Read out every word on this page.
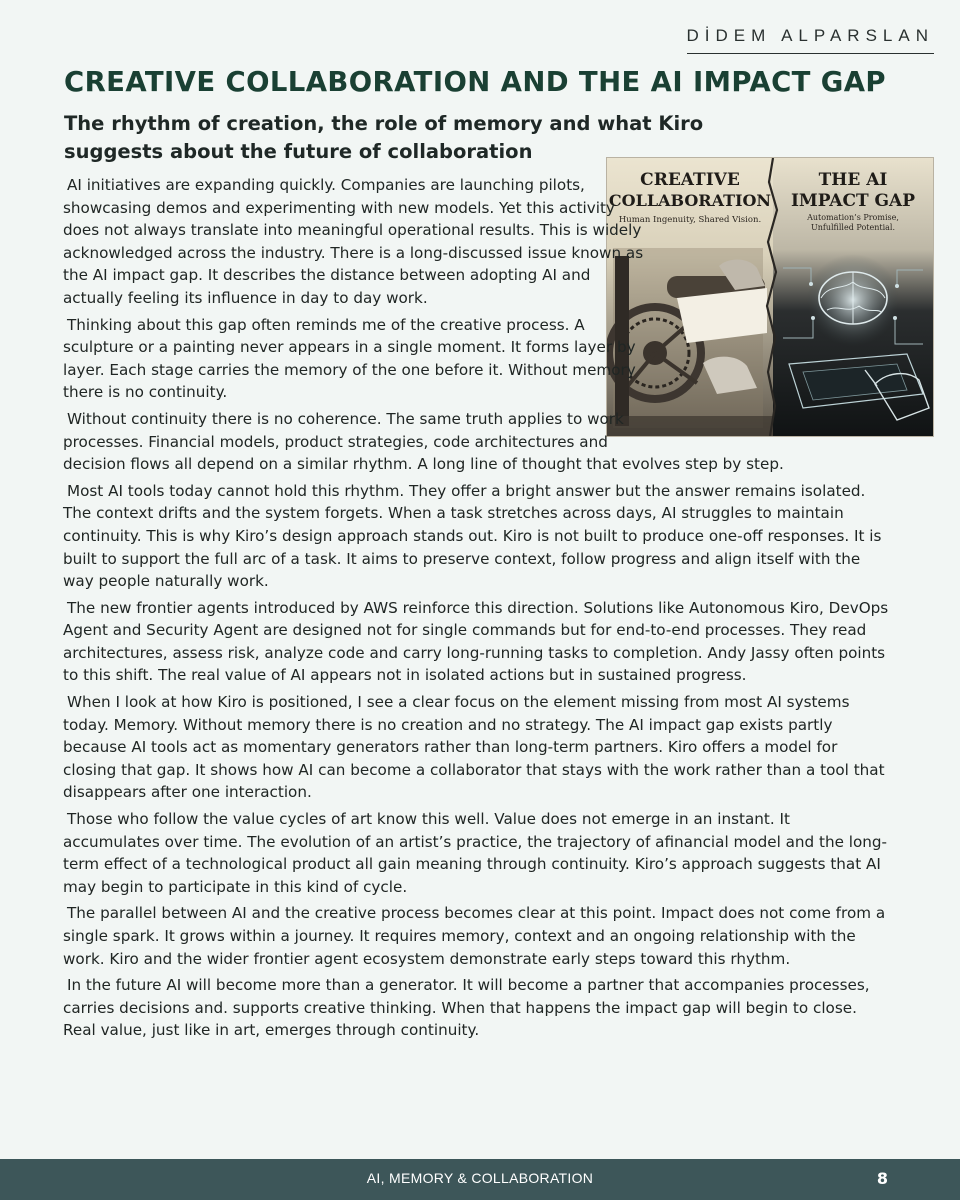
DİDEM ALPARSLAN
CREATIVE COLLABORATION AND THE AI IMPACT GAP
The rhythm of creation, the role of memory and what Kiro suggests about the future of collaboration
CREATIVE
COLLABORATION
Human Ingenuity, Shared Vision.
THE AI
IMPACT GAP
Automation’s Promise,
Unfulfilled Potential.

AI initiatives are expanding quickly. Companies are launching pilots, showcasing demos and experimenting with new models. Yet this activity does not always translate into meaningful operational results. This is widely acknowledged across the industry. There is a long-discussed issue known as the AI impact gap. It describes the distance between adopting AI and actually feeling its influence in day to day work.

Thinking about this gap often reminds me of the creative process. A sculpture or a painting never appears in a single moment. It forms layer by layer. Each stage carries the memory of the one before it. Without memory there is no continuity.

Without continuity there is no coherence. The same truth applies to work processes. Financial models, product strategies, code architectures and decision flows all depend on a similar rhythm. A long line of thought that evolves step by step.

Most AI tools today cannot hold this rhythm. They offer a bright answer but the answer remains isolated. The context drifts and the system forgets. When a task stretches across days, AI struggles to maintain continuity. This is why Kiro’s design approach stands out. Kiro is not built to produce one-off responses. It is built to support the full arc of a task. It aims to preserve context, follow progress and align itself with the way people naturally work.

The new frontier agents introduced by AWS reinforce this direction. Solutions like Autonomous Kiro, DevOps Agent and Security Agent are designed not for single commands but for end-to-end processes. They read architectures, assess risk, analyze code and carry long-running tasks to completion. Andy Jassy often points to this shift. The real value of AI appears not in isolated actions but in sustained progress.

When I look at how Kiro is positioned, I see a clear focus on the element missing from most AI systems today. Memory. Without memory there is no creation and no strategy. The AI impact gap exists partly because AI tools act as momentary generators rather than long-term partners. Kiro offers a model for closing that gap. It shows how AI can become a collaborator that stays with the work rather than a tool that disappears after one interaction.

Those who follow the value cycles of art know this well. Value does not emerge in an instant. It accumulates over time. The evolution of an artist’s practice, the trajectory of afinancial model and the long-term effect of a technological product all gain meaning through continuity. Kiro’s approach suggests that AI may begin to participate in this kind of cycle.

The parallel between AI and the creative process becomes clear at this point. Impact does not come from a single spark. It grows within a journey. It requires memory, context and an ongoing relationship with the work. Kiro and the wider frontier agent ecosystem demonstrate early steps toward this rhythm.

In the future AI will become more than a generator. It will become a partner that accompanies processes, carries decisions and. supports creative thinking. When that happens the impact gap will begin to close. Real value, just like in art, emerges through continuity.

AI, MEMORY & COLLABORATION	8
